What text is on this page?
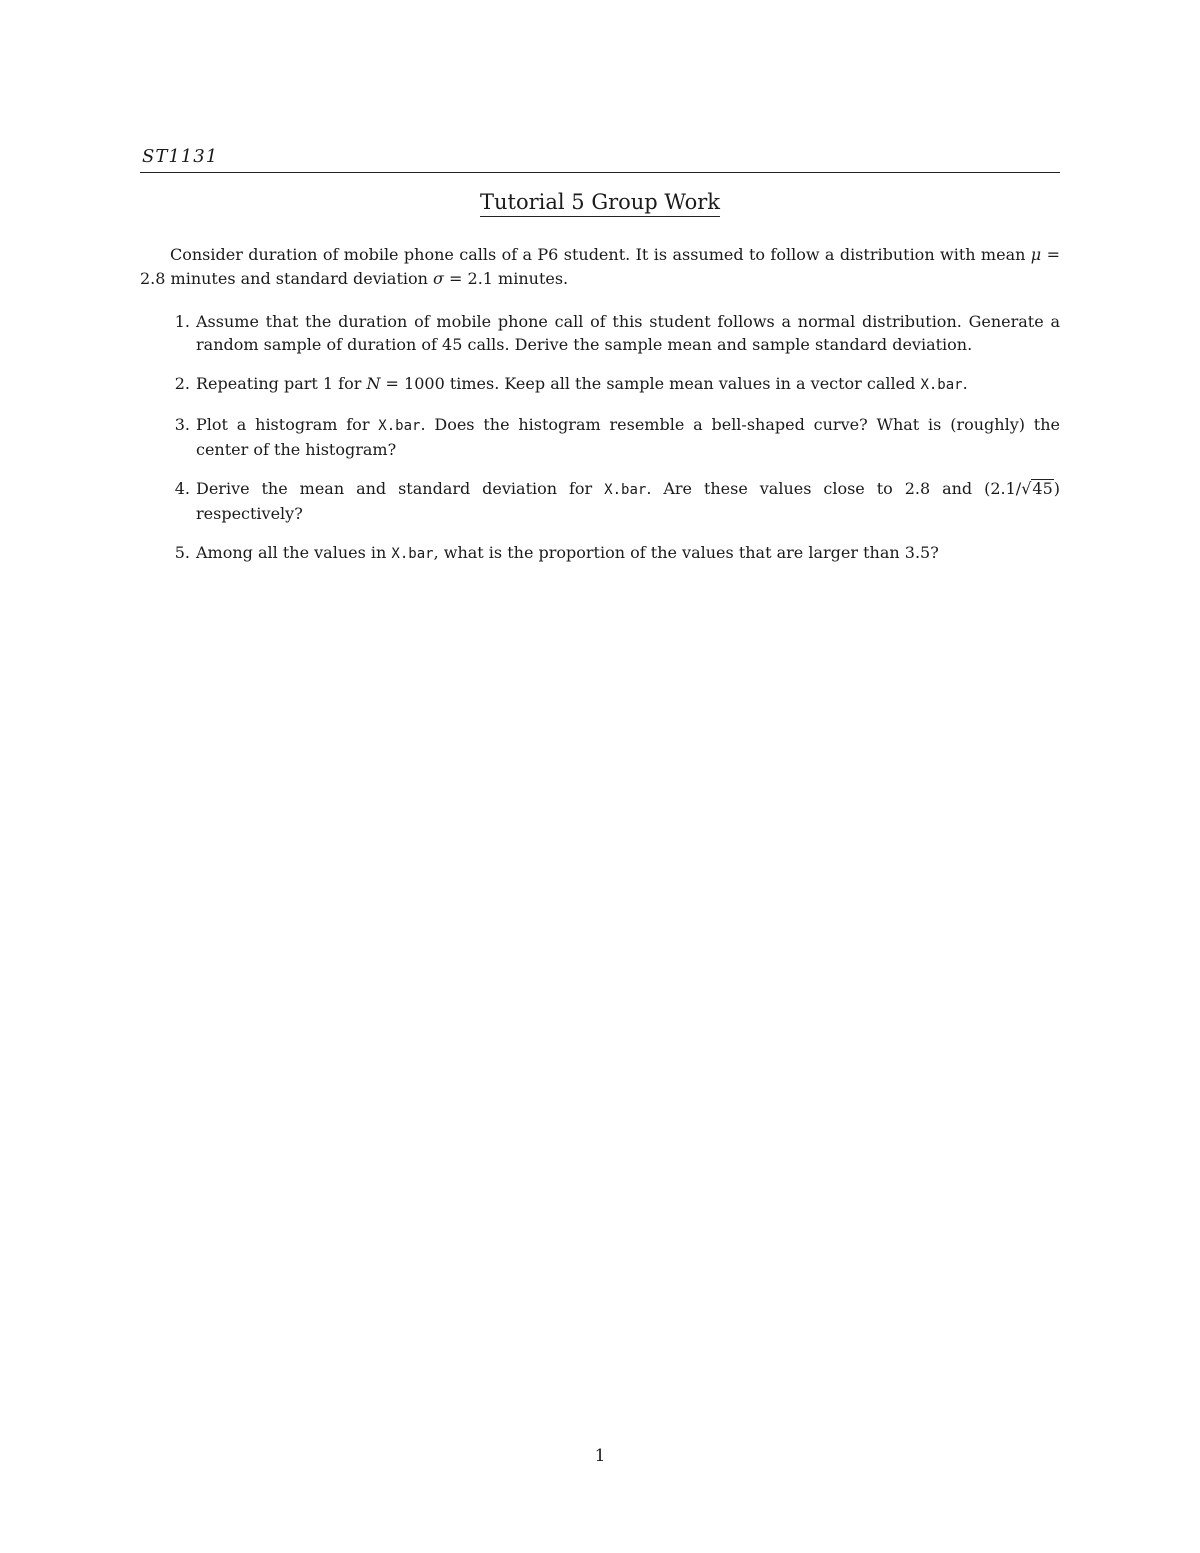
ST1131
Tutorial 5 Group Work

Consider duration of mobile phone calls of a P6 student. It is assumed to follow a distribution with mean μ = 2.8 minutes and standard deviation σ = 2.1 minutes.

1. Assume that the duration of mobile phone call of this student follows a normal distribution. Generate a random sample of duration of 45 calls. Derive the sample mean and sample standard deviation.
2. Repeating part 1 for N = 1000 times. Keep all the sample mean values in a vector called X.bar.
3. Plot a histogram for X.bar. Does the histogram resemble a bell-shaped curve? What is (roughly) the center of the histogram?
4. Derive the mean and standard deviation for X.bar. Are these values close to 2.8 and (2.1/√45) respectively?
5. Among all the values in X.bar, what is the proportion of the values that are larger than 3.5?
1
